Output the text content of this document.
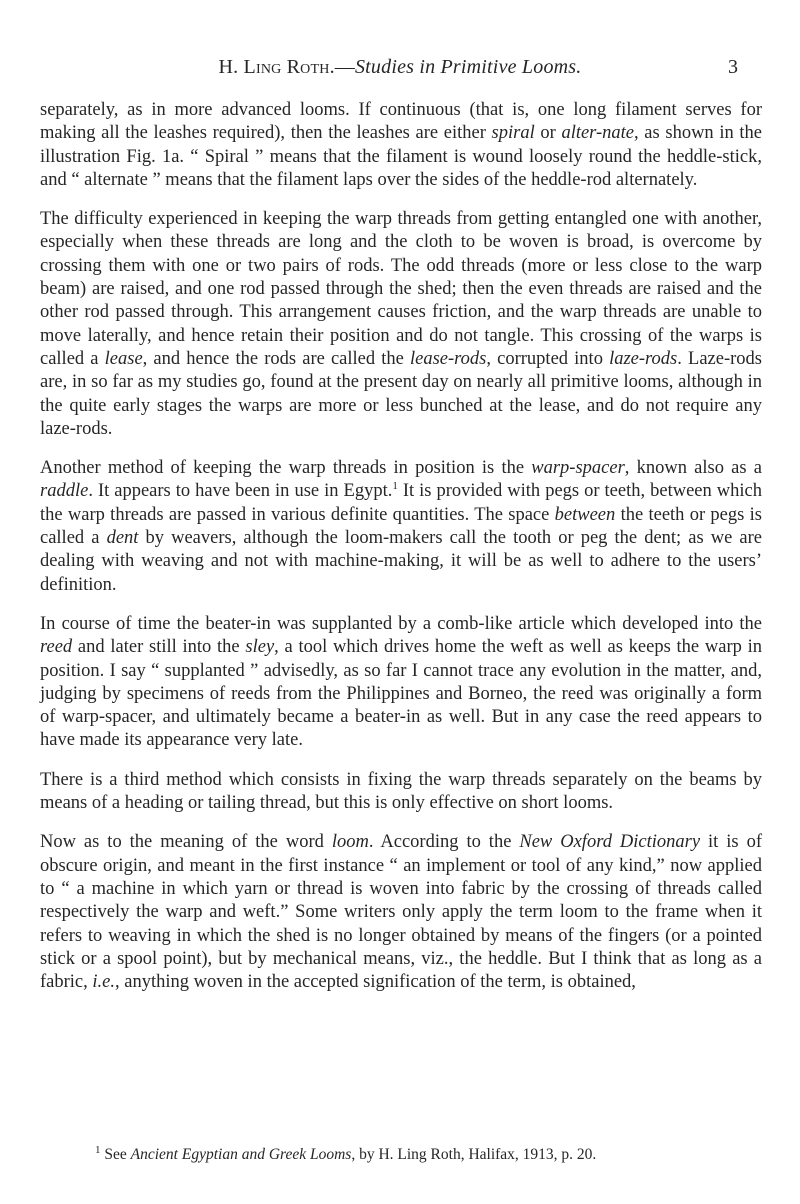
H. Ling Roth.—Studies in Primitive Looms.	3

separately, as in more advanced looms. If continuous (that is, one long filament serves for making all the leashes required), then the leashes are either spiral or alter-nate, as shown in the illustration Fig. 1a. “ Spiral ” means that the filament is wound loosely round the heddle-stick, and “ alternate ” means that the filament laps over the sides of the heddle-rod alternately.

The difficulty experienced in keeping the warp threads from getting entangled one with another, especially when these threads are long and the cloth to be woven is broad, is overcome by crossing them with one or two pairs of rods. The odd threads (more or less close to the warp beam) are raised, and one rod passed through the shed; then the even threads are raised and the other rod passed through. This arrangement causes friction, and the warp threads are unable to move laterally, and hence retain their position and do not tangle. This crossing of the warps is called a lease, and hence the rods are called the lease-rods, corrupted into laze-rods. Laze-rods are, in so far as my studies go, found at the present day on nearly all primitive looms, although in the quite early stages the warps are more or less bunched at the lease, and do not require any laze-rods.

Another method of keeping the warp threads in position is the warp-spacer, known also as a raddle. It appears to have been in use in Egypt.$^1$ It is provided with pegs or teeth, between which the warp threads are passed in various definite quantities. The space between the teeth or pegs is called a dent by weavers, although the loom-makers call the tooth or peg the dent; as we are dealing with weaving and not with machine-making, it will be as well to adhere to the users’ definition.

In course of time the beater-in was supplanted by a comb-like article which developed into the reed and later still into the sley, a tool which drives home the weft as well as keeps the warp in position. I say “ supplanted ” advisedly, as so far I cannot trace any evolution in the matter, and, judging by specimens of reeds from the Philippines and Borneo, the reed was originally a form of warp-spacer, and ultimately became a beater-in as well. But in any case the reed appears to have made its appearance very late.

There is a third method which consists in fixing the warp threads separately on the beams by means of a heading or tailing thread, but this is only effective on short looms.

Now as to the meaning of the word loom. According to the New Oxford Dictionary it is of obscure origin, and meant in the first instance “ an implement or tool of any kind,” now applied to “ a machine in which yarn or thread is woven into fabric by the crossing of threads called respectively the warp and weft.” Some writers only apply the term loom to the frame when it refers to weaving in which the shed is no longer obtained by means of the fingers (or a pointed stick or a spool point), but by mechanical means, viz., the heddle. But I think that as long as a fabric, i.e., anything woven in the accepted signification of the term, is obtained,

$^1$ See Ancient Egyptian and Greek Looms, by H. Ling Roth, Halifax, 1913, p. 20.
